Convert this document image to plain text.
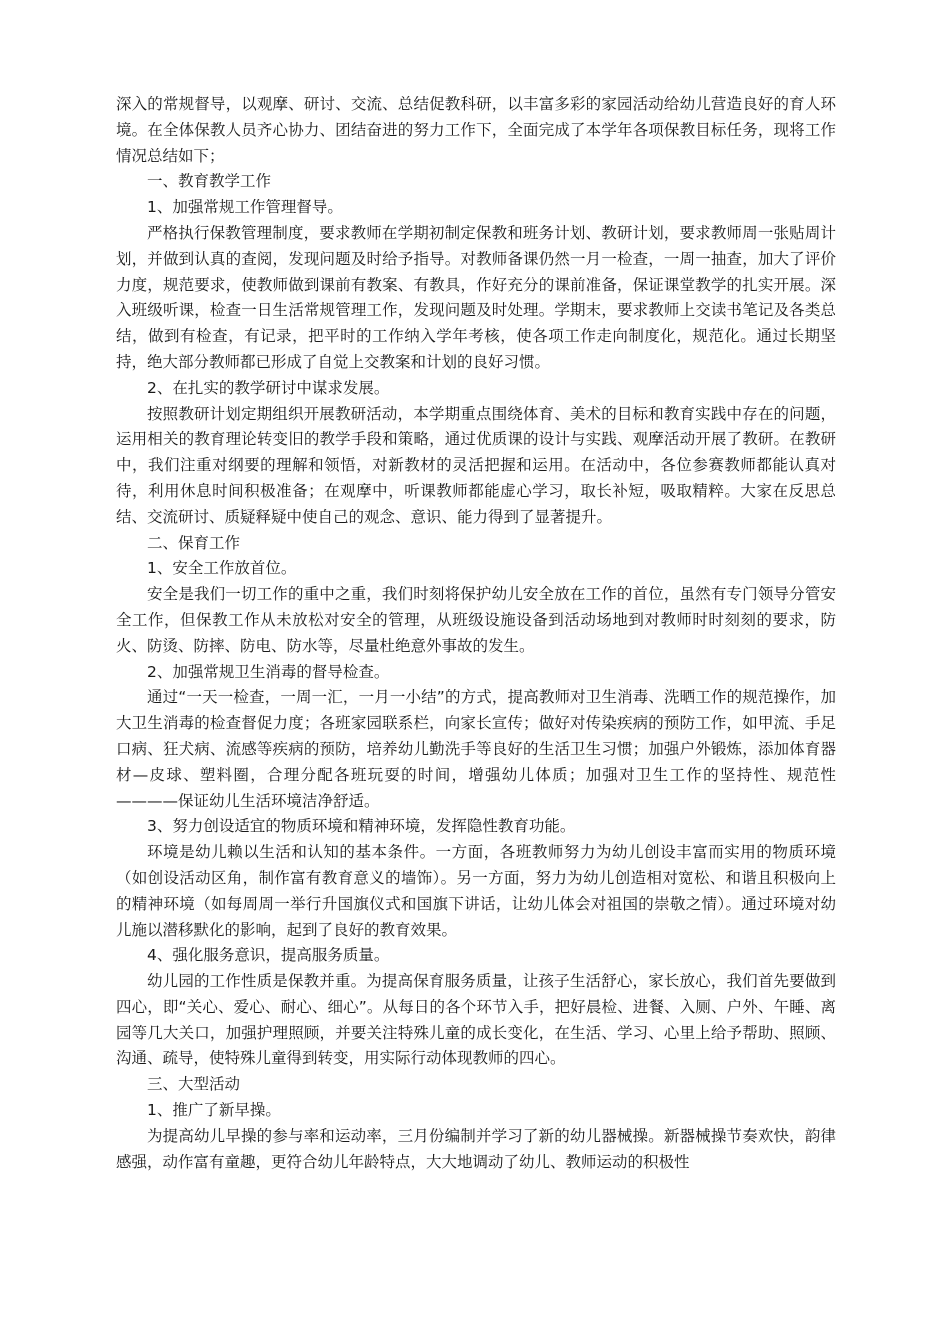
深入的常规督导，以观摩、研讨、交流、总结促教科研，以丰富多彩的家园活动给幼儿营造良好的育人环境。在全体保教人员齐心协力、团结奋进的努力工作下，全面完成了本学年各项保教目标任务，现将工作情况总结如下；

一、教育教学工作

1、加强常规工作管理督导。

严格执行保教管理制度，要求教师在学期初制定保教和班务计划、教研计划，要求教师周一张贴周计划，并做到认真的查阅，发现问题及时给予指导。对教师备课仍然一月一检查，一周一抽查，加大了评价力度，规范要求，使教师做到课前有教案、有教具，作好充分的课前准备，保证课堂教学的扎实开展。深入班级听课，检查一日生活常规管理工作，发现问题及时处理。学期末，要求教师上交读书笔记及各类总结，做到有检查，有记录，把平时的工作纳入学年考核，使各项工作走向制度化，规范化。通过长期坚持，绝大部分教师都已形成了自觉上交教案和计划的良好习惯。

2、在扎实的教学研讨中谋求发展。

按照教研计划定期组织开展教研活动，本学期重点围绕体育、美术的目标和教育实践中存在的问题，运用相关的教育理论转变旧的教学手段和策略，通过优质课的设计与实践、观摩活动开展了教研。在教研中，我们注重对纲要的理解和领悟，对新教材的灵活把握和运用。在活动中，各位参赛教师都能认真对待，利用休息时间积极准备；在观摩中，听课教师都能虚心学习，取长补短，吸取精粹。大家在反思总结、交流研讨、质疑释疑中使自己的观念、意识、能力得到了显著提升。

二、保育工作

1、安全工作放首位。

安全是我们一切工作的重中之重，我们时刻将保护幼儿安全放在工作的首位，虽然有专门领导分管安全工作，但保教工作从未放松对安全的管理，从班级设施设备到活动场地到对教师时时刻刻的要求，防火、防烫、防摔、防电、防水等，尽量杜绝意外事故的发生。

2、加强常规卫生消毒的督导检查。

通过“一天一检查，一周一汇，一月一小结”的方式，提高教师对卫生消毒、洗晒工作的规范操作，加大卫生消毒的检查督促力度；各班家园联系栏，向家长宣传；做好对传染疾病的预防工作，如甲流、手足口病、狂犬病、流感等疾病的预防，培养幼儿勤洗手等良好的生活卫生习惯；加强户外锻炼，添加体育器材—皮球、塑料圈，合理分配各班玩耍的时间，增强幼儿体质；加强对卫生工作的坚持性、规范性————保证幼儿生活环境洁净舒适。

3、努力创设适宜的物质环境和精神环境，发挥隐性教育功能。

环境是幼儿赖以生活和认知的基本条件。一方面，各班教师努力为幼儿创设丰富而实用的物质环境（如创设活动区角，制作富有教育意义的墙饰）。另一方面，努力为幼儿创造相对宽松、和谐且积极向上的精神环境（如每周周一举行升国旗仪式和国旗下讲话，让幼儿体会对祖国的崇敬之情）。通过环境对幼儿施以潜移默化的影响，起到了良好的教育效果。

4、强化服务意识，提高服务质量。

幼儿园的工作性质是保教并重。为提高保育服务质量，让孩子生活舒心，家长放心，我们首先要做到四心，即“关心、爱心、耐心、细心”。从每日的各个环节入手，把好晨检、进餐、入厕、户外、午睡、离园等几大关口，加强护理照顾，并要关注特殊儿童的成长变化，在生活、学习、心里上给予帮助、照顾、沟通、疏导，使特殊儿童得到转变，用实际行动体现教师的四心。

三、大型活动

1、推广了新早操。

为提高幼儿早操的参与率和运动率，三月份编制并学习了新的幼儿器械操。新器械操节奏欢快，韵律感强，动作富有童趣，更符合幼儿年龄特点，大大地调动了幼儿、教师运动的积极性
